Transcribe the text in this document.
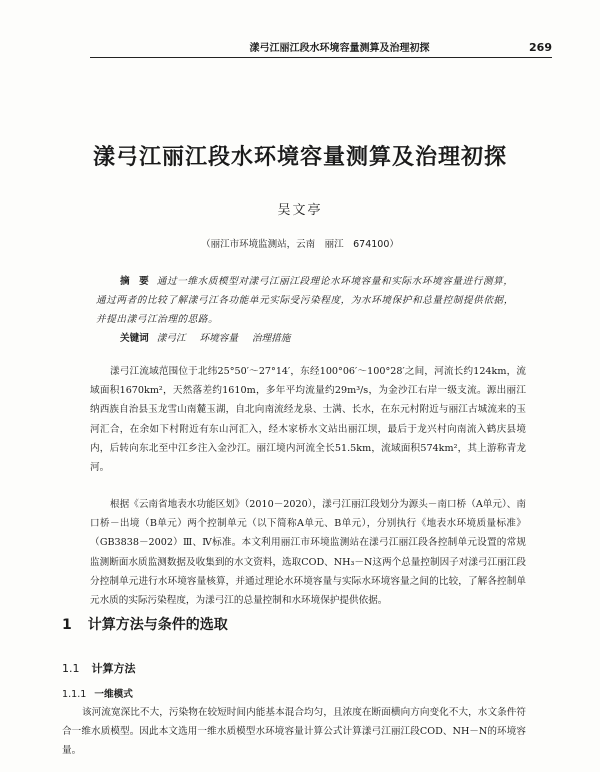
漾弓江丽江段水环境容量测算及治理初探	269
漾弓江丽江段水环境容量测算及治理初探
吴文亭
（丽江市环境监测站，云南　丽江　674100）
摘　要 通过一维水质模型对漾弓江丽江段理论水环境容量和实际水环境容量进行测算，通过两者的比较了解漾弓江各功能单元实际受污染程度，为水环境保护和总量控制提供依据，并提出漾弓江治理的思路。
关键词 漾弓江 环境容量 治理措施
漾弓江流域范围位于北纬25°50′～27°14′，东经100°06′～100°28′之间，河流长约124km，流域面积1670km²，天然落差约1610m，多年平均流量约29m³/s，为金沙江右岸一级支流。源出丽江纳西族自治县玉龙雪山南麓玉湖，自北向南流经龙泉、士满、长水，在东元村附近与丽江古城流来的玉河汇合，在余如下村附近有东山河汇入，经木家桥水文站出丽江坝，最后于龙兴村向南流入鹤庆县境内，后转向东北至中江乡注入金沙江。丽江境内河流全长51.5km，流域面积574km²，其上游称青龙河。
根据《云南省地表水功能区划》（2010－2020），漾弓江丽江段划分为源头－南口桥（A单元）、南口桥－出境（B单元）两个控制单元（以下简称A单元、B单元），分别执行《地表水环境质量标准》（GB3838－2002）Ⅲ、Ⅳ标准。本文利用丽江市环境监测站在漾弓江丽江段各控制单元设置的常规监测断面水质监测数据及收集到的水文资料，选取COD、NH₃－N这两个总量控制因子对漾弓江丽江段分控制单元进行水环境容量核算，并通过理论水环境容量与实际水环境容量之间的比较，了解各控制单元水质的实际污染程度，为漾弓江的总量控制和水环境保护提供依据。
1 计算方法与条件的选取
1.1 计算方法
1.1.1 一维模式
该河流宽深比不大，污染物在较短时间内能基本混合均匀，且浓度在断面横向方向变化不大，水文条件符合一维水质模型。因此本文选用一维水质模型水环境容量计算公式计算漾弓江丽江段COD、NH－N的环境容量。
